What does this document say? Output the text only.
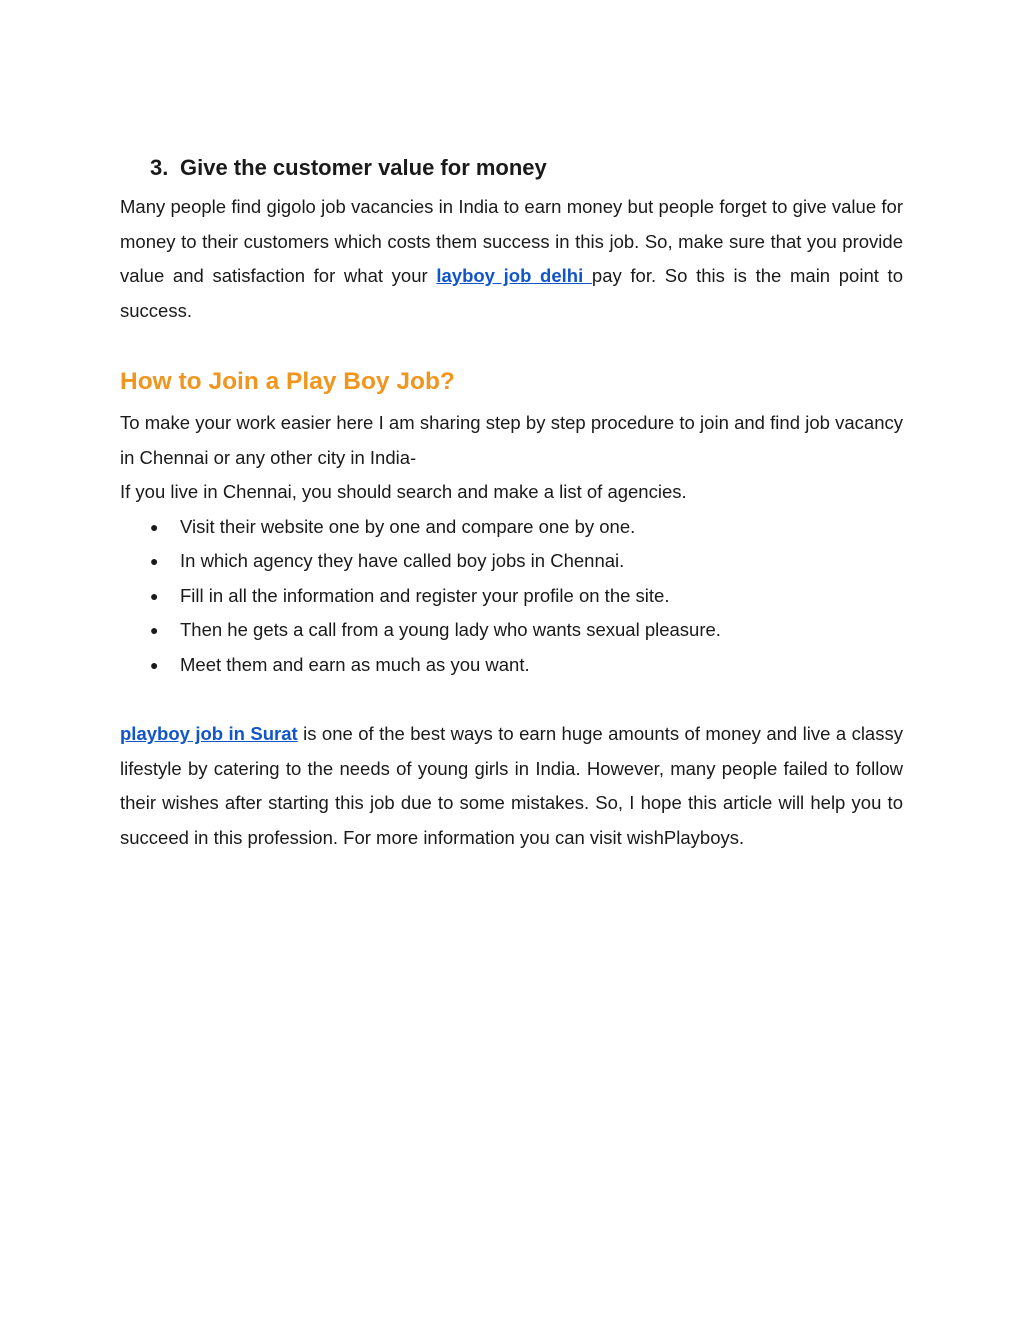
3. Give the customer value for money

Many people find gigolo job vacancies in India to earn money but people forget to give value for money to their customers which costs them success in this job. So, make sure that you provide value and satisfaction for what your layboy job delhi pay for. So this is the main point to success.

How to Join a Play Boy Job?

To make your work easier here I am sharing step by step procedure to join and find job vacancy in Chennai or any other city in India-

If you live in Chennai, you should search and make a list of agencies.

●	Visit their website one by one and compare one by one.
●	In which agency they have called boy jobs in Chennai.
●	Fill in all the information and register your profile on the site.
●	Then he gets a call from a young lady who wants sexual pleasure.
●	Meet them and earn as much as you want.

playboy job in Surat is one of the best ways to earn huge amounts of money and live a classy lifestyle by catering to the needs of young girls in India. However, many people failed to follow their wishes after starting this job due to some mistakes. So, I hope this article will help you to succeed in this profession. For more information you can visit wishPlayboys.
